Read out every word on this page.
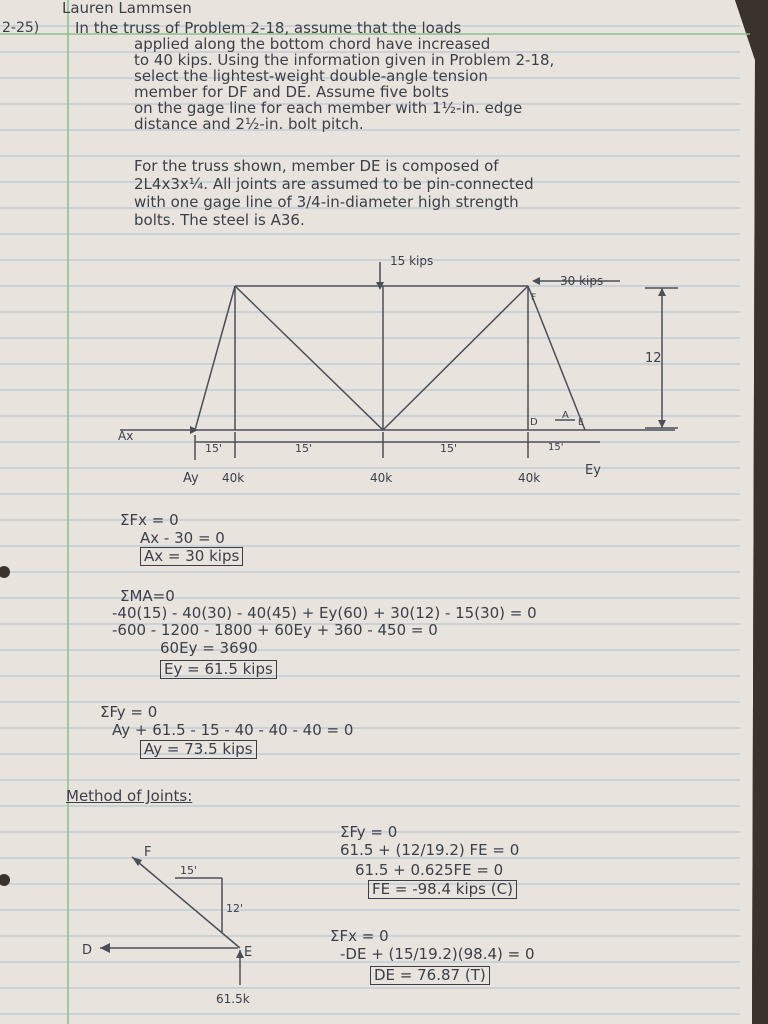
Lauren Lammsen
2-25) In the truss of Problem 2-18, assume that the loads
applied along the bottom chord have increased
to 40 kips. Using the information given in Problem 2-18,
select the lightest-weight double-angle tension
member for DF and DE. Assume five bolts
on the gage line for each member with 1½-in. edge
distance and 2½-in. bolt pitch.
For the truss shown, member DE is composed of
2L4x3x¼. All joints are assumed to be pin-connected
with one gage line of 3/4-in-diameter high strength
bolts. The steel is A36.
15 kips
30 kips
12
Ax
Ay
Ey
40k	40k	40k
15'	15'	15'	15'
F
D
A
E
ΣFx = 0
Ax - 30 = 0
Ax = 30 kips
ΣMA=0
-40(15) - 40(30) - 40(45) + Ey(60) + 30(12) - 15(30) = 0
-600 - 1200 - 1800 + 60Ey + 360 - 450 = 0
60Ey = 3690
Ey = 61.5 kips
ΣFy = 0
Ay + 61.5 - 15 - 40 - 40 - 40 = 0
Ay = 73.5 kips
Method of Joints:
F
D	E
15'
12'
61.5k
ΣFy = 0
61.5 + (12/19.2) FE = 0
61.5 + 0.625FE = 0
FE = -98.4 kips (C)
ΣFx = 0
-DE + (15/19.2)(98.4) = 0
DE = 76.87 (T)
